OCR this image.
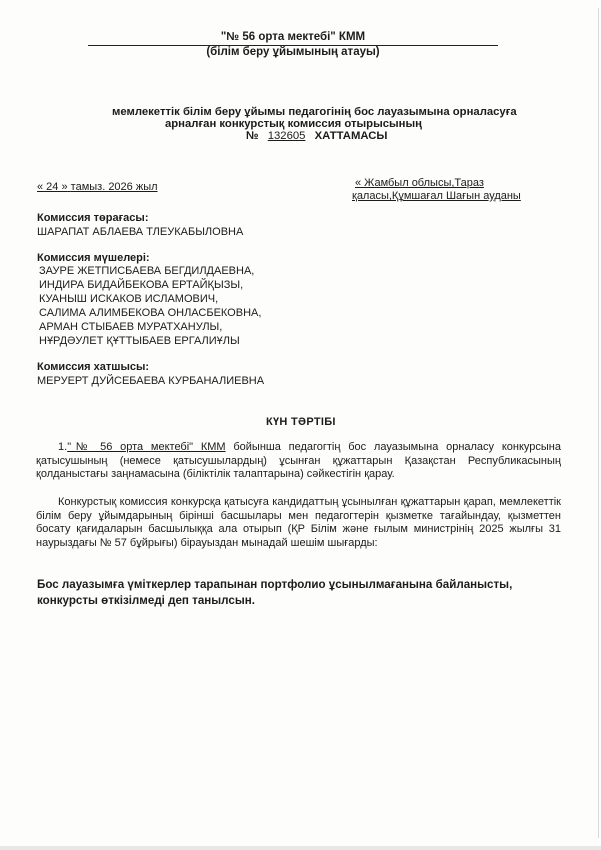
"№ 56 орта мектебі" КММ
(білім беру ұйымының атауы)
мемлекеттік білім беру ұйымы педагогінің бос лауазымына орналасуға
арналған конкурстық комиссия отырысының
№ 132605 ХАТТАМАСЫ
« 24 » тамыз. 2026 жыл	« Жамбыл облысы,Тараз
қаласы,Құмшағал Шағын ауданы
Комиссия төрағасы:
ШАРАПАТ АБЛАЕВА ТЛЕУКАБЫЛОВНА
Комиссия мүшелері:
ЗАУРЕ ЖЕТПИСБАЕВА БЕГДИЛДАЕВНА,
ИНДИРА БИДАЙБЕКОВА ЕРТАЙҚЫЗЫ,
КУАНЫШ ИСКАКОВ ИСЛАМОВИЧ,
САЛИМА АЛИМБЕКОВА ОНЛАСБЕКОВНА,
АРМАН СТЫБАЕВ МУРАТХАНУЛЫ,
НҰРДӘУЛЕТ ҚҰТТЫБАЕВ ЕРГАЛИҰЛЫ
Комиссия хатшысы:
МЕРУЕРТ ДУЙСЕБАЕВА КУРБАНАЛИЕВНА
КҮН ТӘРТІБІ
1."№ 56 орта мектебі" КММ бойынша педагогтің бос лауазымына орналасу конкурсына қатысушының (немесе қатысушылардың) ұсынған құжаттарын Қазақстан Республикасының қолданыстағы заңнамасына (біліктілік талаптарына) сәйкестігін қарау.
Конкурстық комиссия конкурсқа қатысуға кандидаттың ұсынылған құжаттарын қарап, мемлекеттік білім беру ұйымдарының бірінші басшылары мен педагогтерін қызметке тағайындау, қызметтен босату қағидаларын басшылыққа ала отырып (ҚР Білім және ғылым министрінің 2025 жылғы 31 наурыздағы № 57 бұйрығы) бірауыздан мынадай шешім шығарды:
Бос лауазымға үміткерлер тарапынан портфолио ұсынылмағанына байланысты, конкурсты өткізілмеді деп танылсын.
